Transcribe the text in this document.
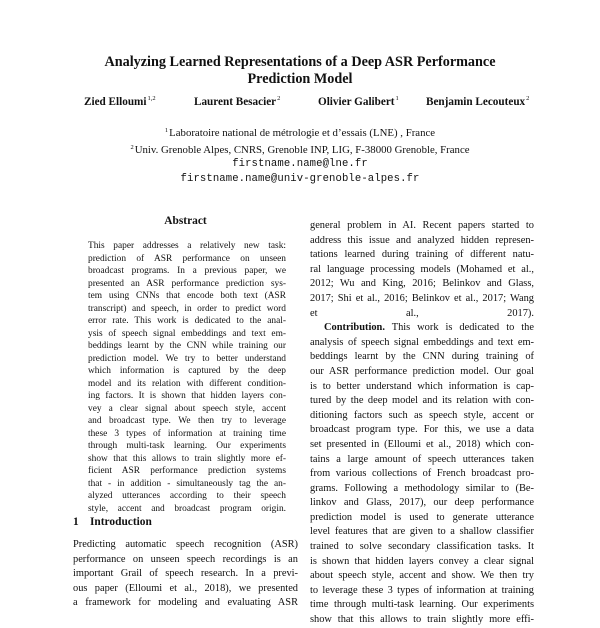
Analyzing Learned Representations of a Deep ASR Performance
Prediction Model
Zied Elloumi$^{1,2}$	Laurent Besacier$^2$	Olivier Galibert$^1$ Benjamin Lecouteux$^2$
$^1$Laboratoire national de métrologie et d’essais (LNE) , France
$^2$Univ. Grenoble Alpes, CNRS, Grenoble INP, LIG, F-38000 Grenoble, France
firstname.name@lne.fr
firstname.name@univ-grenoble-alpes.fr
Abstract
This paper addresses a relatively new task:
prediction of ASR performance on unseen
broadcast programs. In a previous paper, we
presented an ASR performance prediction sys-
tem using CNNs that encode both text (ASR
transcript) and speech, in order to predict word
error rate. This work is dedicated to the anal-
ysis of speech signal embeddings and text em-
beddings learnt by the CNN while training our
prediction model. We try to better understand
which information is captured by the deep
model and its relation with different condition-
ing factors. It is shown that hidden layers con-
vey a clear signal about speech style, accent
and broadcast type. We then try to leverage
these 3 types of information at training time
through multi-task learning. Our experiments
show that this allows to train slightly more ef-
ficient ASR performance prediction systems
that - in addition - simultaneously tag the an-
alyzed utterances according to their speech
style, accent and broadcast program origin.
1 Introduction
Predicting automatic speech recognition (ASR)
performance on unseen speech recordings is an
important Grail of speech research. In a previ-
ous paper (Elloumi et al., 2018), we presented
a framework for modeling and evaluating ASR
general problem in AI. Recent papers started to
address this issue and analyzed hidden represen-
tations learned during training of different natu-
ral language processing models (Mohamed et al.,
2012; Wu and King, 2016; Belinkov and Glass,
2017; Shi et al., 2016; Belinkov et al., 2017; Wang
et al., 2017).
Contribution. This work is dedicated to the
analysis of speech signal embeddings and text em-
beddings learnt by the CNN during training of
our ASR performance prediction model. Our goal
is to better understand which information is cap-
tured by the deep model and its relation with con-
ditioning factors such as speech style, accent or
broadcast program type. For this, we use a data
set presented in (Elloumi et al., 2018) which con-
tains a large amount of speech utterances taken
from various collections of French broadcast pro-
grams. Following a methodology similar to (Be-
linkov and Glass, 2017), our deep performance
prediction model is used to generate utterance
level features that are given to a shallow classifier
trained to solve secondary classification tasks. It
is shown that hidden layers convey a clear signal
about speech style, accent and show. We then try
to leverage these 3 types of information at training
time through multi-task learning. Our experiments
show that this allows to train slightly more effi-
